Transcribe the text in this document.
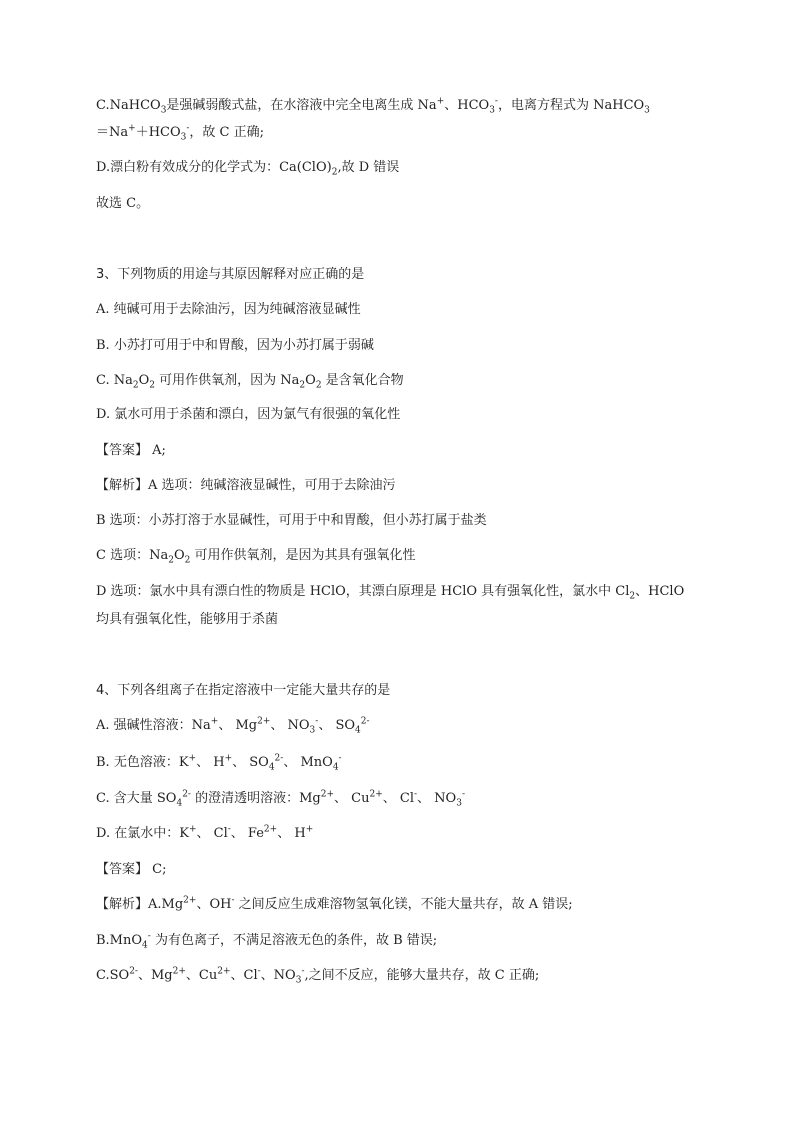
C.NaHCO$_3$是强碱弱酸式盐，在水溶液中完全电离生成 Na+、$HCO_3^-$，电离方程式为 NaHCO$_3$
$=Na^++HCO_3^-$，故 C 正确;
D.漂白粉有效成分的化学式为：$Ca(ClO)_2$,故 D 错误
故选 C。
3、下列物质的用途与其原因解释对应正确的是
A. 纯碱可用于去除油污，因为纯碱溶液显碱性
B. 小苏打可用于中和胃酸，因为小苏打属于弱碱
C. $Na_2O_2$ 可用作供氧剂，因为 $Na_2O_2$ 是含氧化合物
D. 氯水可用于杀菌和漂白，因为氯气有很强的氧化性
【答案】 A;
【解析】A 选项：纯碱溶液显碱性，可用于去除油污
B 选项：小苏打溶于水显碱性，可用于中和胃酸，但小苏打属于盐类
C 选项：$Na_2O_2$ 可用作供氧剂，是因为其具有强氧化性
D 选项：氯水中具有漂白性的物质是 HClO，其漂白原理是 HClO 具有强氧化性，氯水中 $Cl_2$、HClO
均具有强氧化性，能够用于杀菌
4、下列各组离子在指定溶液中一定能大量共存的是
A. 强碱性溶液：Na+、 $Mg^{2+}$、 $NO_3^-$、 $SO_4^{2-}$
B. 无色溶液：K+、 H+、 $SO_4^{2-}$、 MnO$_4$-
C. 含大量 $SO_4^{2-}$ 的澄清透明溶液：$Mg^{2+}$、 $Cu^{2+}$、 Cl-、 $NO_3^-$
D. 在氯水中：K+、 Cl-、 $Fe^{2+}$、 H+
【答案】 C;
【解析】$A.Mg^{2+}$、OH- 之间反应生成难溶物氢氧化镁，不能大量共存，故 A 错误;
B.MnO$_4$- 为有色离子，不满足溶液无色的条件，故 B 错误;
$C.SO^{2-}$、$Mg^{2+}$、$Cu^{2+}$、Cl-、$NO_3^-$,之间不反应，能够大量共存，故 C 正确;
